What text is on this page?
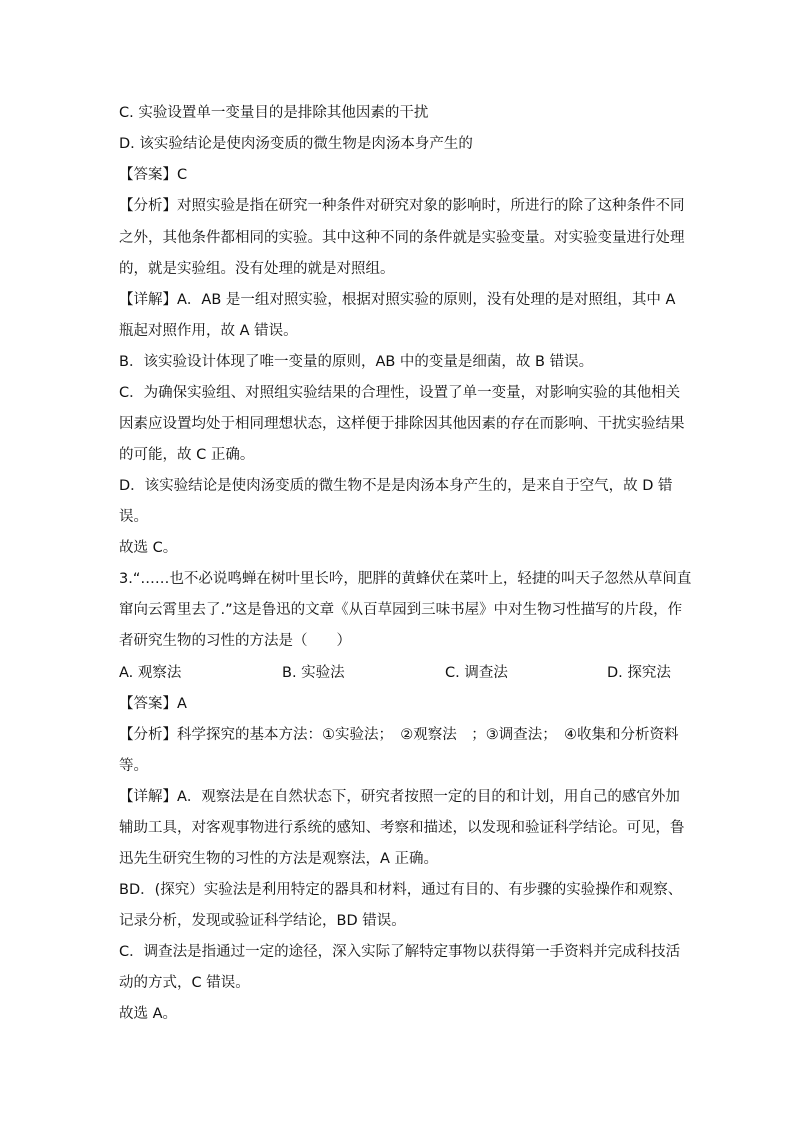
C. 实验设置单一变量目的是排除其他因素的干扰
D. 该实验结论是使肉汤变质的微生物是肉汤本身产生的
【答案】C
【分析】对照实验是指在研究一种条件对研究对象的影响时，所进行的除了这种条件不同
之外，其他条件都相同的实验。其中这种不同的条件就是实验变量。对实验变量进行处理
的，就是实验组。没有处理的就是对照组。
【详解】A．AB 是一组对照实验，根据对照实验的原则，没有处理的是对照组，其中 A
瓶起对照作用，故 A 错误。
B．该实验设计体现了唯一变量的原则，AB 中的变量是细菌，故 B 错误。
C．为确保实验组、对照组实验结果的合理性，设置了单一变量，对影响实验的其他相关
因素应设置均处于相同理想状态，这样便于排除因其他因素的存在而影响、干扰实验结果
的可能，故 C 正确。
D．该实验结论是使肉汤变质的微生物不是是肉汤本身产生的，是来自于空气，故 D 错
误。
故选 C。
3.“……也不必说鸣蝉在树叶里长吟，肥胖的黄蜂伏在菜叶上，轻捷的叫天子忽然从草间直
窜向云霄里去了.”这是鲁迅的文章《从百草园到三味书屋》中对生物习性描写的片段，作
者研究生物的习性的方法是（　　）
A. 观察法	B. 实验法	C. 调查法	D. 探究法
【答案】A
【分析】科学探究的基本方法：①实验法；　②观察法　；③调查法；　④收集和分析资料
等。
【详解】A．观察法是在自然状态下，研究者按照一定的目的和计划，用自己的感官外加
辅助工具，对客观事物进行系统的感知、考察和描述，以发现和验证科学结论。可见，鲁
迅先生研究生物的习性的方法是观察法，A 正确。
BD．(探究）实验法是利用特定的器具和材料，通过有目的、有步骤的实验操作和观察、
记录分析，发现或验证科学结论，BD 错误。
C．调查法是指通过一定的途径，深入实际了解特定事物以获得第一手资料并完成科技活
动的方式，C 错误。
故选 A。
